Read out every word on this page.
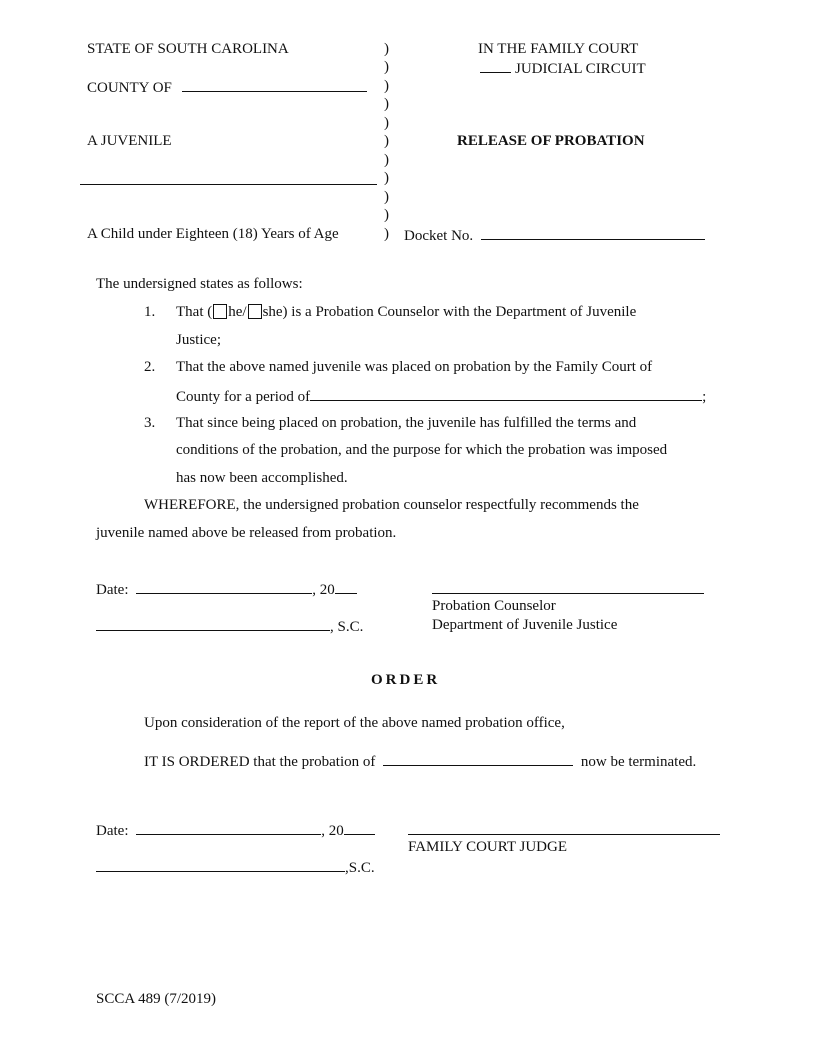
STATE OF SOUTH CAROLINA
COUNTY OF
A JUVENILE
A Child under Eighteen (18) Years of Age
)
)
)
)
)
)
)
)
)
)
)
IN THE FAMILY COURT
JUDICIAL CIRCUIT
RELEASE OF PROBATION
Docket No.
The undersigned states as follows:
1. That ( he/ she) is a Probation Counselor with the Department of Juvenile
Justice;
2. That the above named juvenile was placed on probation by the Family Court of
County for a period of	;
3. That since being placed on probation, the juvenile has fulfilled the terms and
conditions of the probation, and the purpose for which the probation was imposed
has now been accomplished.
WHEREFORE, the undersigned probation counselor respectfully recommends the
juvenile named above be released from probation.
Date:	, 20
Probation Counselor
, S.C.	Department of Juvenile Justice
ORDER
Upon consideration of the report of the above named probation office,
IT IS ORDERED that the probation of	now be terminated.
Date:	, 20
FAMILY COURT JUDGE
,S.C.
SCCA 489 (7/2019)
